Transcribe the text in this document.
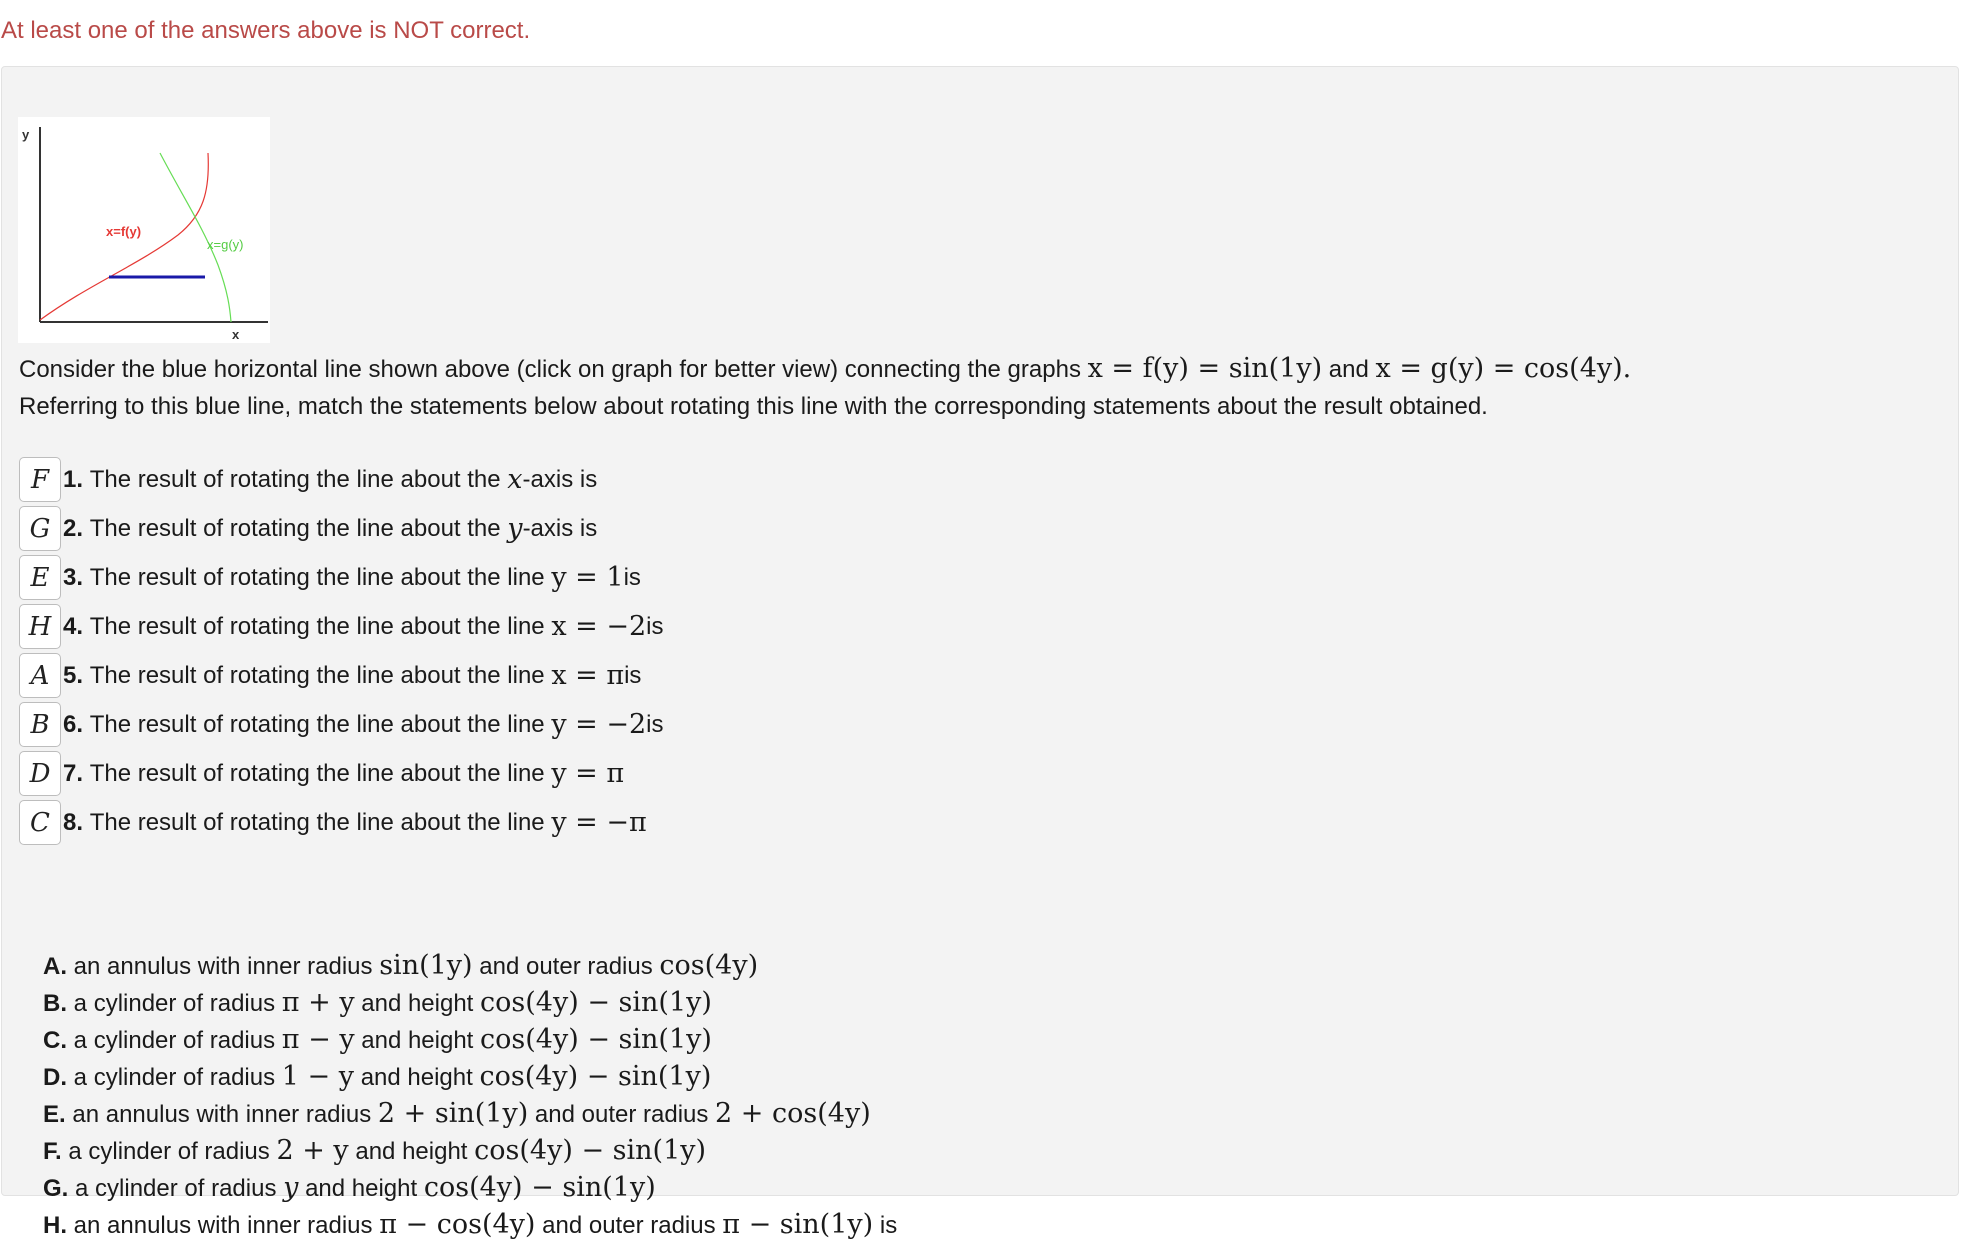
At least one of the answers above is NOT correct.
y
x
x=f(y)
x=g(y)
Consider the blue horizontal line shown above (click on graph for better view) connecting the graphs x = f(y) = sin(1y) and x = g(y) = cos(4y).
Referring to this blue line, match the statements below about rotating this line with the corresponding statements about the result obtained.
F 1.
The result of rotating the line about the
x -axis is
G 2.
The result of rotating the line about the
y -axis is
E 3.
The result of rotating the line about the line
y = 1 is
H 4.
The result of rotating the line about the line
x = −2 is
A 5.
The result of rotating the line about the line
x = π is
B 6.
The result of rotating the line about the line
y = −2 is
D 7.
The result of rotating the line about the line
y = π
C 8.
The result of rotating the line about the line
y = −π
A. an annulus with inner radius sin(1y) and outer radius cos(4y)
B. a cylinder of radius π + y and height cos(4y) − sin(1y)
C. a cylinder of radius π − y and height cos(4y) − sin(1y)
D. a cylinder of radius 1 − y and height cos(4y) − sin(1y)
E. an annulus with inner radius 2 + sin(1y) and outer radius 2 + cos(4y)
F. a cylinder of radius 2 + y and height cos(4y) − sin(1y)
G. a cylinder of radius y and height cos(4y) − sin(1y)
H. an annulus with inner radius π − cos(4y) and outer radius π − sin(1y) is
